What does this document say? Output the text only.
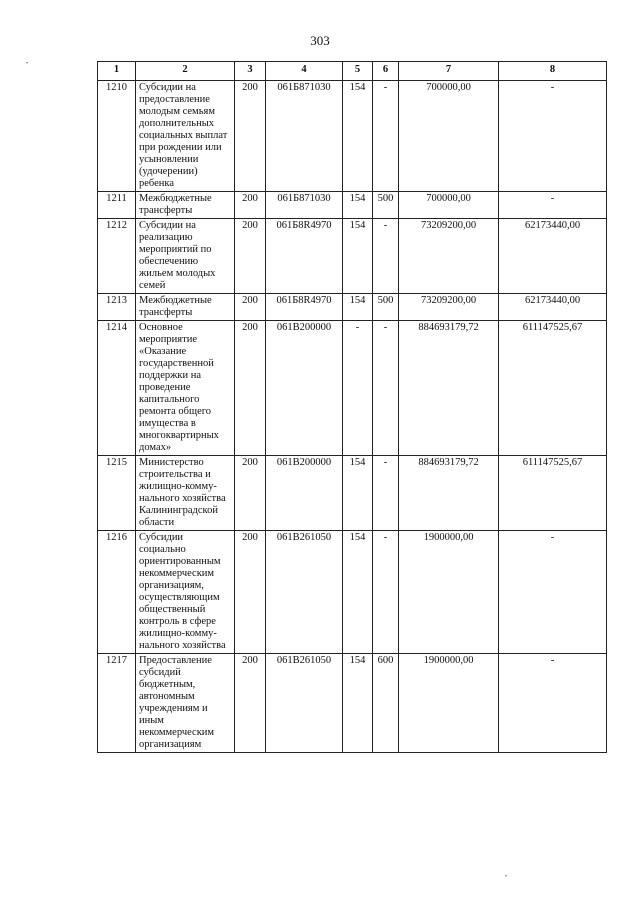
303
•
•
1	2	3	4	5	6	7	8
1210	Субсидии на предоставление молодым семьям дополнительных социальных выплат при рождении или усыновлении (удочерении) ребенка	200	061Б871030	154	-	700000,00	-
1211	Межбюджетные трансферты	200	061Б871030	154	500	700000,00	-
1212	Субсидии на реализацию мероприятий по обеспечению жильем молодых семей	200	061Б8R4970	154	-	73209200,00	62173440,00
1213	Межбюджетные трансферты	200	061Б8R4970	154	500	73209200,00	62173440,00
1214	Основное мероприятие «Оказание государственной поддержки на проведение капитального ремонта общего имущества в многоквартирных домах»	200	061В200000	-	-	884693179,72	611147525,67
1215	Министерство строительства и жилищно-комму-нального хозяйства Калининградской области	200	061В200000	154	-	884693179,72	611147525,67
1216	Субсидии социально ориентированным некоммерческим организациям, осуществляющим общественный контроль в сфере жилищно-комму-нального хозяйства	200	061В261050	154	-	1900000,00	-
1217	Предоставление субсидий бюджетным, автономным учреждениям и иным некоммерческим организациям	200	061В261050	154	600	1900000,00	-
